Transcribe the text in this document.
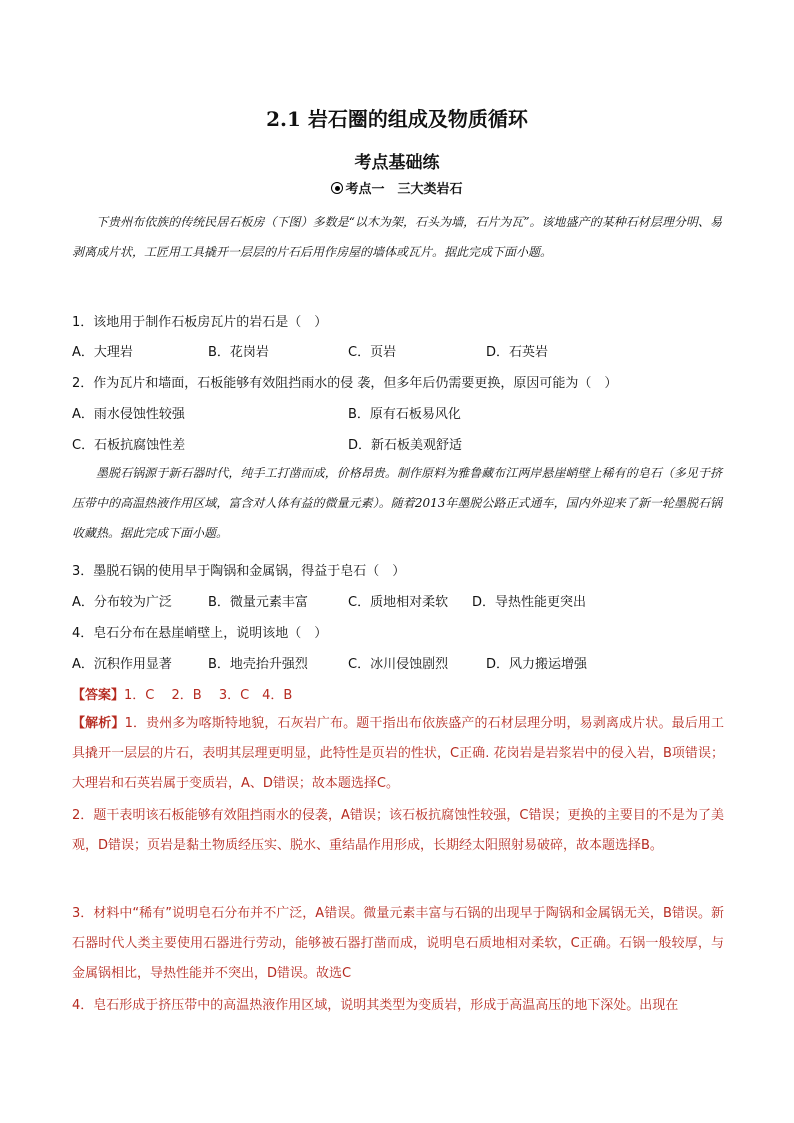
2.1 岩石圈的组成及物质循环
考点基础练
考点一　三大类岩石
下贵州布依族的传统民居石板房（下图）多数是“以木为架，石头为墙，石片为瓦”。该地盛产的某种石材层理分明、易剥离成片状，工匠用工具撬开一层层的片石后用作房屋的墙体或瓦片。据此完成下面小题。
1．该地用于制作石板房瓦片的岩石是（　）
A．大理岩	B．花岗岩	C．页岩	D．石英岩
2．作为瓦片和墙面，石板能够有效阻挡雨水的侵 袭，但多年后仍需要更换，原因可能为（　）
A．雨水侵蚀性较强	B．原有石板易风化
C．石板抗腐蚀性差	D．新石板美观舒适
墨脱石锅源于新石器时代，纯手工打凿而成，价格昂贵。制作原料为雅鲁藏布江两岸悬崖峭壁上稀有的皂石（多见于挤压带中的高温热液作用区域，富含对人体有益的微量元素）。随着2013年墨脱公路正式通车，国内外迎来了新一轮墨脱石锅收藏热。据此完成下面小题。
3．墨脱石锅的使用早于陶锅和金属锅，得益于皂石（　）
A．分布较为广泛	B．微量元素丰富	C．质地相对柔软 D．导热性能更突出
4．皂石分布在悬崖峭壁上，说明该地（　）
A．沉积作用显著	B．地壳抬升强烈	C．冰川侵蚀剧烈	D．风力搬运增强
【答案】1．C　 2．B　 3．C　4．B
【解析】1．贵州多为喀斯特地貌，石灰岩广布。题干指出布依族盛产的石材层理分明，易剥离成片状。最后用工具撬开一层层的片石，表明其层理更明显，此特性是页岩的性状，C正确. 花岗岩是岩浆岩中的侵入岩，B项错误；大理岩和石英岩属于变质岩，A、D错误；故本题选择C。
2．题干表明该石板能够有效阻挡雨水的侵袭，A错误；该石板抗腐蚀性较强，C错误；更换的主要目的不是为了美观，D错误；页岩是黏土物质经压实、脱水、重结晶作用形成，长期经太阳照射易破碎，故本题选择B。
3．材料中“稀有”说明皂石分布并不广泛，A错误。微量元素丰富与石锅的出现早于陶锅和金属锅无关，B错误。新石器时代人类主要使用石器进行劳动，能够被石器打凿而成，说明皂石质地相对柔软，C正确。石锅一般较厚，与金属锅相比，导热性能并不突出，D错误。故选C
4．皂石形成于挤压带中的高温热液作用区域，说明其类型为变质岩，形成于高温高压的地下深处。出现在
